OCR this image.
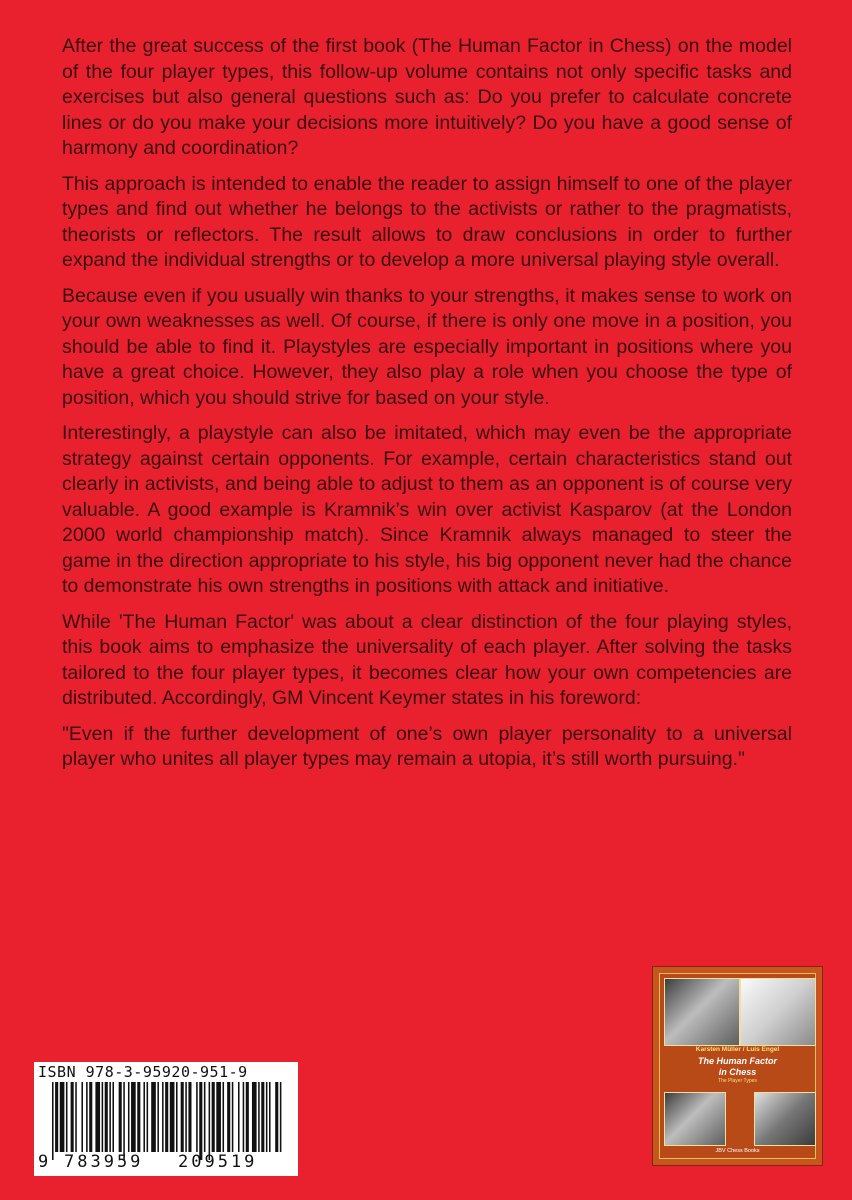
After the great success of the first book (The Human Factor in Chess) on the model of the four player types, this follow-up volume contains not only specific tasks and exercises but also general questions such as: Do you prefer to calculate concrete lines or do you make your decisions more intuitively? Do you have a good sense of harmony and coordination?

This approach is intended to enable the reader to assign himself to one of the player types and find out whether he belongs to the activists or rather to the pragmatists, theorists or reflectors. The result allows to draw conclusions in order to further expand the individual strengths or to develop a more universal playing style overall.

Because even if you usually win thanks to your strengths, it makes sense to work on your own weaknesses as well. Of course, if there is only one move in a position, you should be able to find it. Playstyles are especially important in positions where you have a great choice. However, they also play a role when you choose the type of position, which you should strive for based on your style.

Interestingly, a playstyle can also be imitated, which may even be the appropriate strategy against certain opponents. For example, certain characteristics stand out clearly in activists, and being able to adjust to them as an opponent is of course very valuable. A good example is Kramnik’s win over activist Kasparov (at the London 2000 world championship match). Since Kramnik always managed to steer the game in the direction appropriate to his style, his big opponent never had the chance to demonstrate his own strengths in positions with attack and initiative.

While 'The Human Factor' was about a clear distinction of the four playing styles, this book aims to emphasize the universality of each player. After solving the tasks tailored to the four player types, it becomes clear how your own competencies are distributed. Accordingly, GM Vincent Keymer states in his foreword:

"Even if the further development of one’s own player personality to a universal player who unites all player types may remain a utopia, it’s still worth pursuing."

ISBN 978-3-95920-951-9
9 783959 209519
Karsten Müller / Luis Engel
The Human Factor
in Chess
The Player Types
JBV Chess Books
